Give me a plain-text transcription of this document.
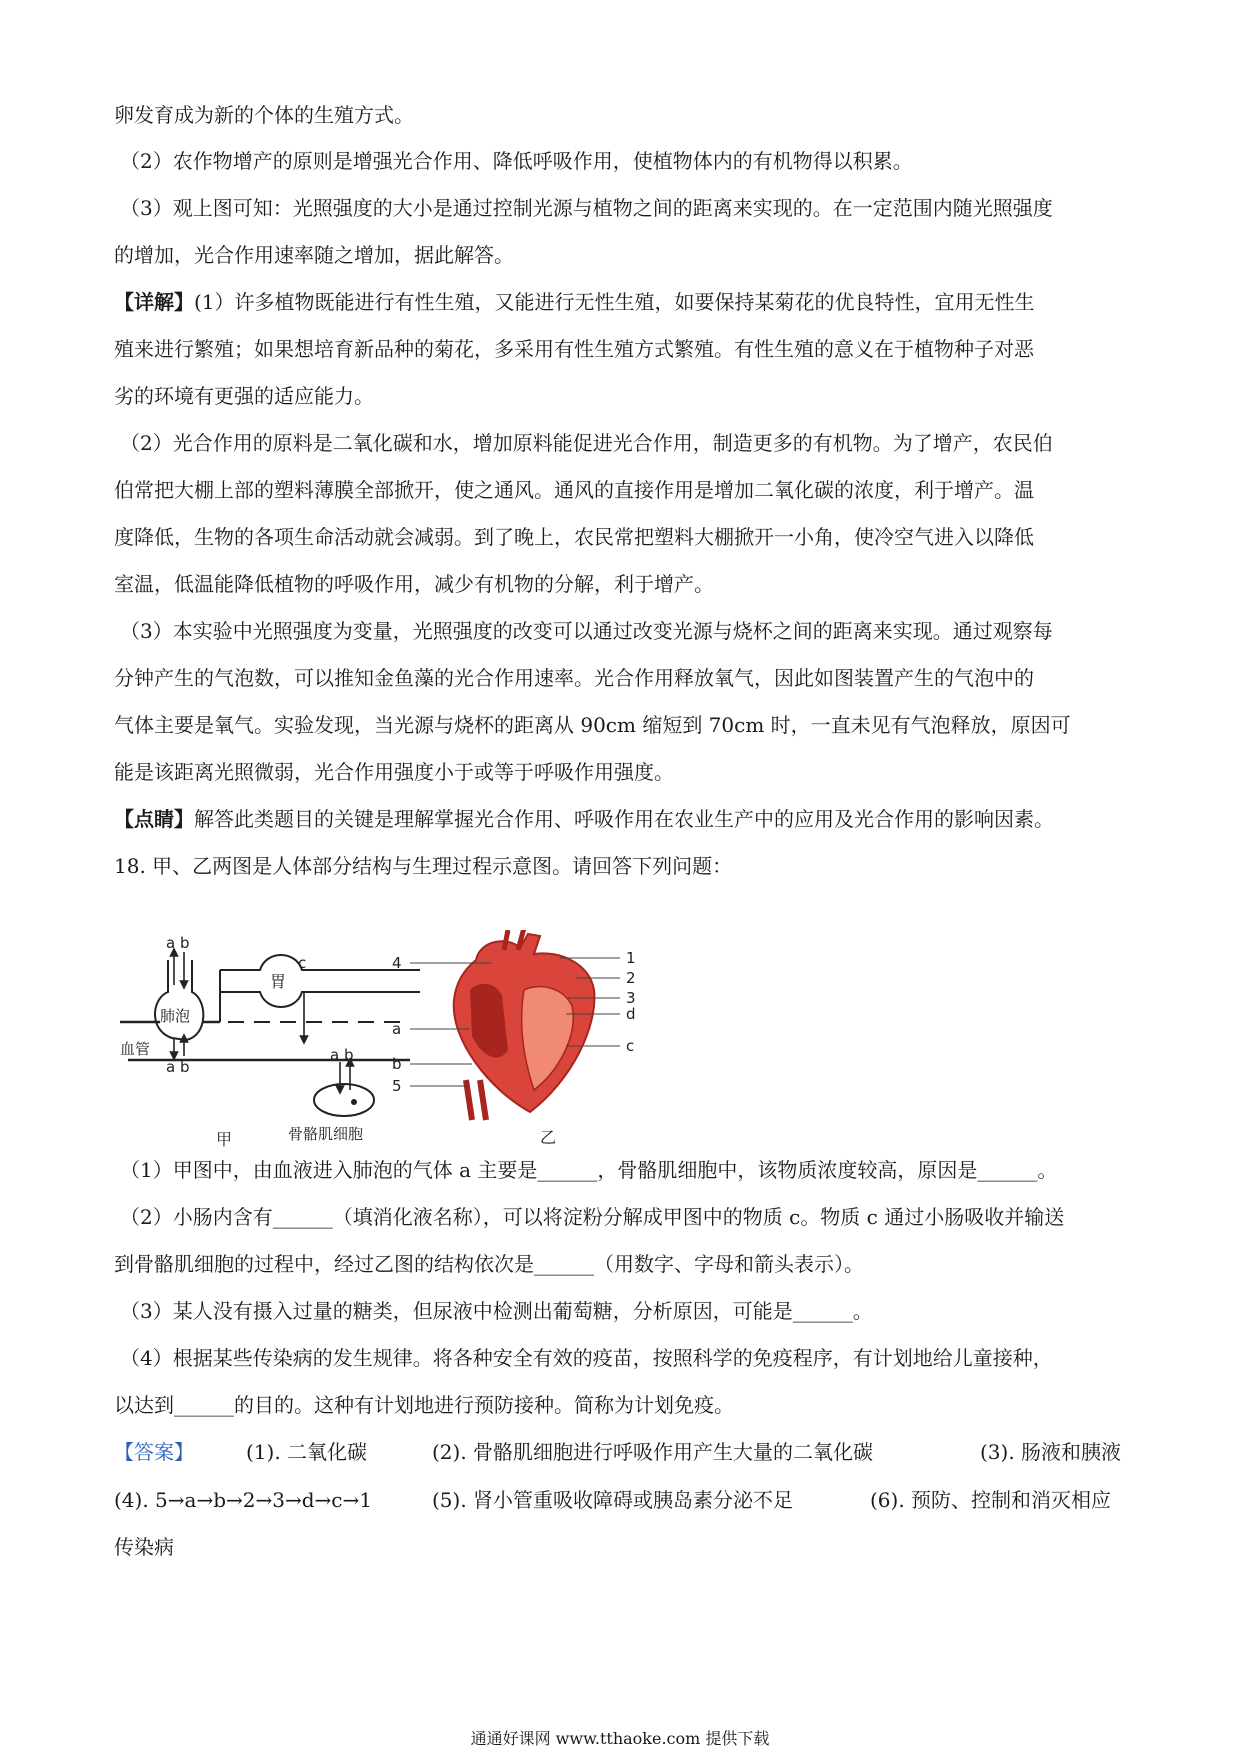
卵发育成为新的个体的生殖方式。
（2）农作物增产的原则是增强光合作用、降低呼吸作用，使植物体内的有机物得以积累。
（3）观上图可知：光照强度的大小是通过控制光源与植物之间的距离来实现的。在一定范围内随光照强度
的增加，光合作用速率随之增加，据此解答。
【详解】(1）许多植物既能进行有性生殖，又能进行无性生殖，如要保持某菊花的优良特性，宜用无性生
殖来进行繁殖；如果想培育新品种的菊花，多采用有性生殖方式繁殖。有性生殖的意义在于植物种子对恶
劣的环境有更强的适应能力。
（2）光合作用的原料是二氧化碳和水，增加原料能促进光合作用，制造更多的有机物。为了增产，农民伯
伯常把大棚上部的塑料薄膜全部掀开，使之通风。通风的直接作用是增加二氧化碳的浓度，利于增产。温
度降低，生物的各项生命活动就会减弱。到了晚上，农民常把塑料大棚掀开一小角，使冷空气进入以降低
室温，低温能降低植物的呼吸作用，减少有机物的分解，利于增产。
（3）本实验中光照强度为变量，光照强度的改变可以通过改变光源与烧杯之间的距离来实现。通过观察每
分钟产生的气泡数，可以推知金鱼藻的光合作用速率。光合作用释放氧气，因此如图装置产生的气泡中的
气体主要是氧气。实验发现，当光源与烧杯的距离从 90cm 缩短到 70cm 时，一直未见有气泡释放，原因可
能是该距离光照微弱，光合作用强度小于或等于呼吸作用强度。
【点睛】解答此类题目的关键是理解掌握光合作用、呼吸作用在农业生产中的应用及光合作用的影响因素。
18. 甲、乙两图是人体部分结构与生理过程示意图。请回答下列问题：
a b
肺泡
血管
a b
胃
c
a b
骨骼肌细胞
甲
4
a
b
5
1
2
3
d
c
乙
（1）甲图中，由血液进入肺泡的气体 a 主要是______，骨骼肌细胞中，该物质浓度较高，原因是______。
（2）小肠内含有______（填消化液名称），可以将淀粉分解成甲图中的物质 c。物质 c 通过小肠吸收并输送
到骨骼肌细胞的过程中，经过乙图的结构依次是______（用数字、字母和箭头表示）。
（3）某人没有摄入过量的糖类，但尿液中检测出葡萄糖，分析原因，可能是______。
（4）根据某些传染病的发生规律。将各种安全有效的疫苗，按照科学的免疫程序，有计划地给儿童接种，
以达到______的目的。这种有计划地进行预防接种。简称为计划免疫。
【答案】	(1). 二氧化碳	(2). 骨骼肌细胞进行呼吸作用产生大量的二氧化碳	(3). 肠液和胰液
(4). 5→a→b→2→3→d→c→1	(5). 肾小管重吸收障碍或胰岛素分泌不足	(6). 预防、控制和消灭相应
传染病
通通好课网 www.tthaoke.com 提供下载
